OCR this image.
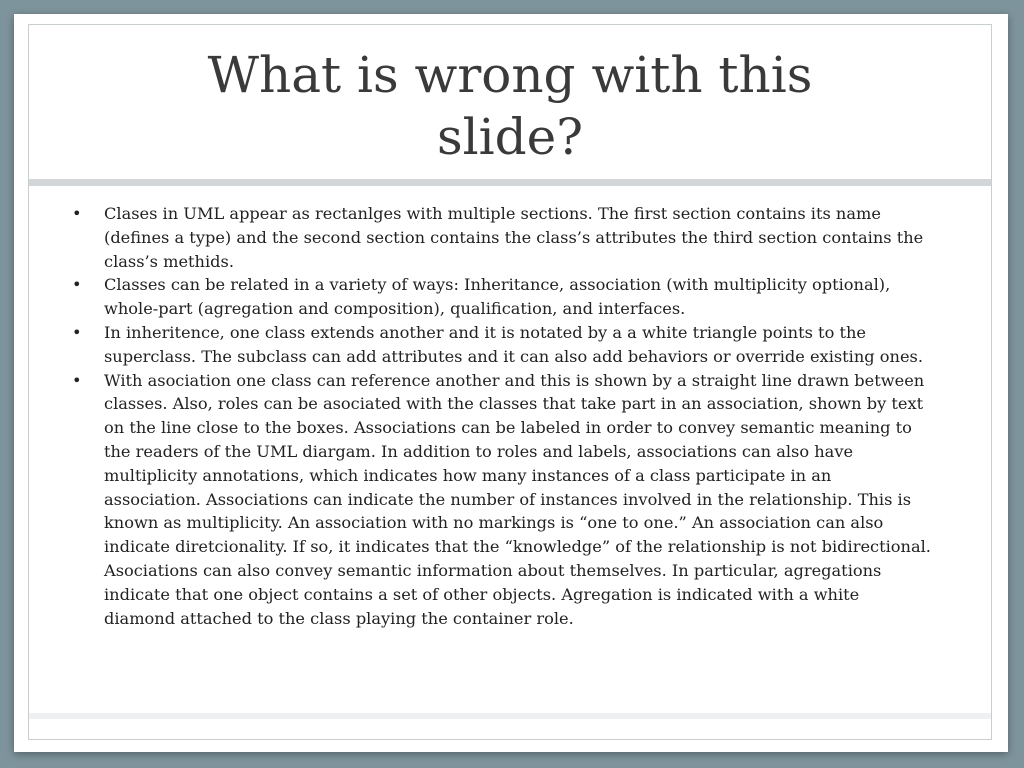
What is wrong with this slide?
•	Clases in UML appear as rectanlges with multiple sections. The first section contains its name (defines a type) and the second section contains the class’s attributes the third section contains the class’s methids.
•	Classes can be related in a variety of ways: Inheritance, association (with multiplicity optional), whole-part (agregation and composition), qualification, and interfaces.
•	In inheritence, one class extends another and it is notated by a a white triangle points to the superclass. The subclass can add attributes and it can also add behaviors or override existing ones.
•	With asociation one class can reference another and this is shown by a straight line drawn between classes. Also, roles can be asociated with the classes that take part in an association, shown by text on the line close to the boxes. Associations can be labeled in order to convey semantic meaning to the readers of the UML diargam. In addition to roles and labels, associations can also have multiplicity annotations, which indicates how many instances of a class participate in an association. Associations can indicate the number of instances involved in the relationship. This is known as multiplicity. An association with no markings is “one to one.” An association can also indicate diretcionality. If so, it indicates that the “knowledge” of the relationship is not bidirectional. Asociations can also convey semantic information about themselves. In particular, agregations indicate that one object contains a set of other objects. Agregation is indicated with a white diamond attached to the class playing the container role.
